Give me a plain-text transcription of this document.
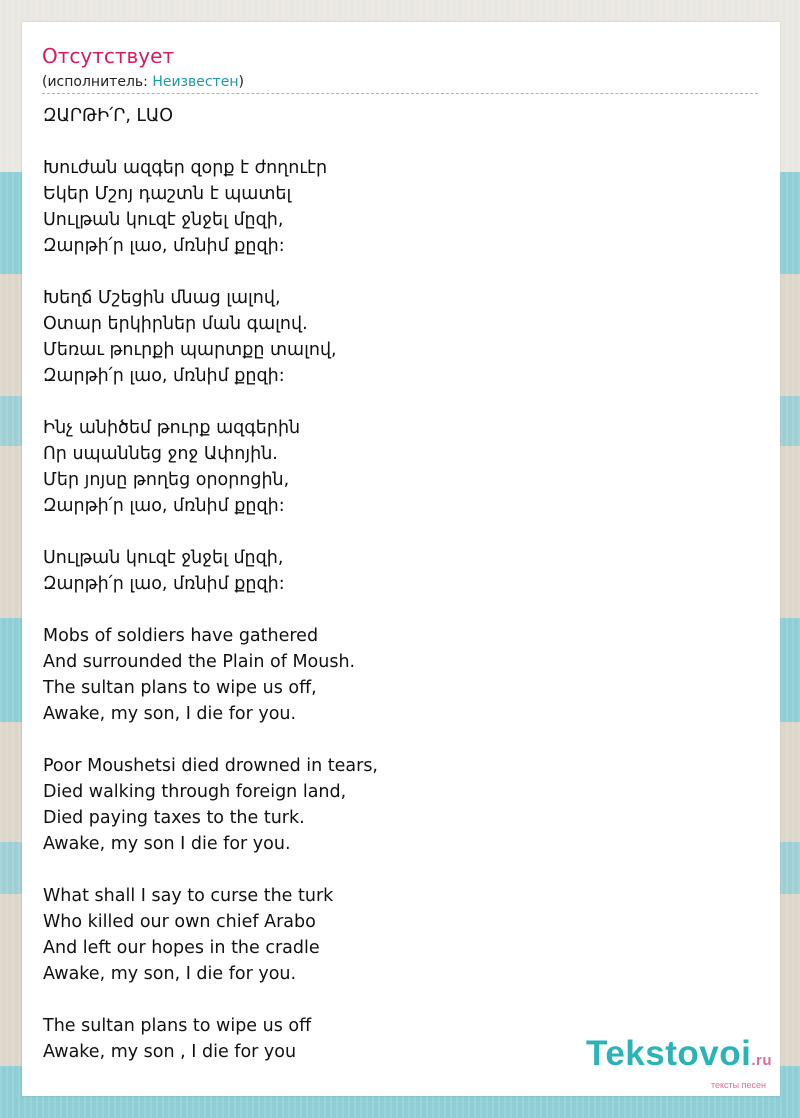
Отсутствует
(исполнитель: Неизвестен)
ԶԱՐԹԻ՛Ր, ԼԱՕ
Խուժան ազգեր զօրք է ժողուէր
Եկեր Մշոյ դաշտն է պատել
Սուլթան կուզէ ջնջել մըզի,
Զարթի՛ր լաօ, մռնիմ քըզի:
Խեղճ Մշեցին մնաց լալով,
Օտար երկիրներ ման գալով.
Մեռաւ թուրքի պարտքը տալով,
Զարթի՛ր լաօ, մռնիմ քըզի:
Ինչ անիծեմ թուրք ազգերին
Որ սպաննեց ջոջ Ափոյին.
Մեր յոյսը թողեց օրօրոցին,
Զարթի՛ր լաօ, մռնիմ քըզի:
Սուլթան կուզէ ջնջել մըզի,
Զարթի՛ր լաօ, մռնիմ քըզի:
Mobs of soldiers have gathered
And surrounded the Plain of Moush.
The sultan plans to wipe us off,
Awake, my son, I die for you.
Poor Moushetsi died drowned in tears,
Died walking through foreign land,
Died paying taxes to the turk.
Awake, my son I die for you.
What shall I say to curse the turk
Who killed our own chief Arabo
And left our hopes in the cradle
Awake, my son, I die for you.
The sultan plans to wipe us off
Awake, my son , I die for you	Tekstovoi.ru
тексты песен
